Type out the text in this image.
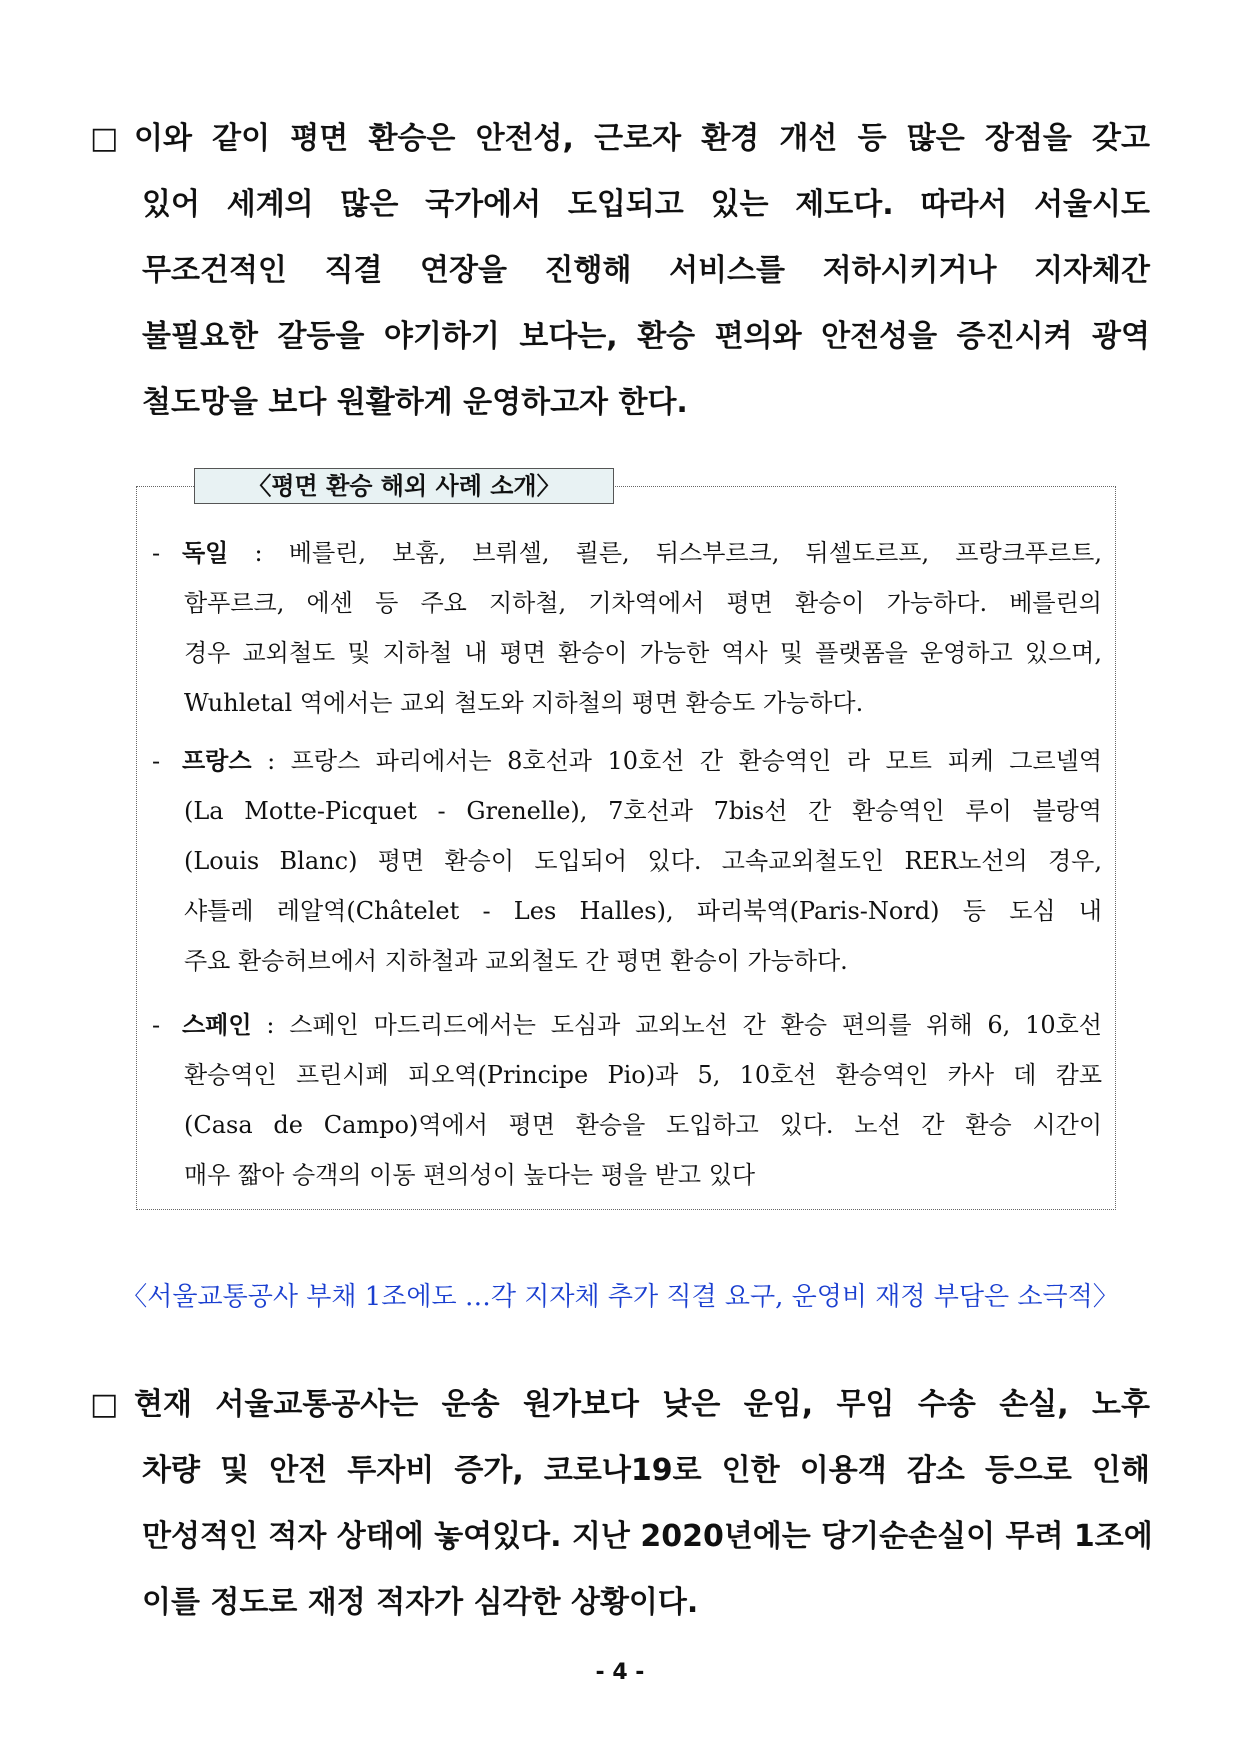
□ 이와 같이 평면 환승은 안전성, 근로자 환경 개선 등 많은 장점을 갖고
있어 세계의 많은 국가에서 도입되고 있는 제도다. 따라서 서울시도
무조건적인 직결 연장을 진행해 서비스를 저하시키거나 지자체간
불필요한 갈등을 야기하기 보다는, 환승 편의와 안전성을 증진시켜 광역
철도망을 보다 원활하게 운영하고자 한다.
〈평면 환승 해외 사례 소개〉
- 독일 : 베를린, 보훔, 브뤼셀, 쾰른, 뒤스부르크, 뒤셀도르프, 프랑크푸르트,
함푸르크, 에센 등 주요 지하철, 기차역에서 평면 환승이 가능하다. 베를린의
경우 교외철도 및 지하철 내 평면 환승이 가능한 역사 및 플랫폼을 운영하고 있으며,
Wuhletal 역에서는 교외 철도와 지하철의 평면 환승도 가능하다.
- 프랑스 : 프랑스 파리에서는 8호선과 10호선 간 환승역인 라 모트 피케 그르넬역
(La Motte-Picquet - Grenelle), 7호선과 7bis선 간 환승역인 루이 블랑역
(Louis Blanc) 평면 환승이 도입되어 있다. 고속교외철도인 RER노선의 경우,
샤틀레 레알역(Châtelet - Les Halles), 파리북역(Paris-Nord) 등 도심 내
주요 환승허브에서 지하철과 교외철도 간 평면 환승이 가능하다.
- 스페인 : 스페인 마드리드에서는 도심과 교외노선 간 환승 편의를 위해 6, 10호선
환승역인 프린시페 피오역(Principe Pio)과 5, 10호선 환승역인 카사 데 캄포
(Casa de Campo)역에서 평면 환승을 도입하고 있다. 노선 간 환승 시간이
매우 짧아 승객의 이동 편의성이 높다는 평을 받고 있다
〈서울교통공사 부채 1조에도 …각 지자체 추가 직결 요구, 운영비 재정 부담은 소극적〉
□ 현재 서울교통공사는 운송 원가보다 낮은 운임, 무임 수송 손실, 노후
차량 및 안전 투자비 증가, 코로나19로 인한 이용객 감소 등으로 인해
만성적인 적자 상태에 놓여있다. 지난 2020년에는 당기순손실이 무려 1조에
이를 정도로 재정 적자가 심각한 상황이다.
- 4 -
